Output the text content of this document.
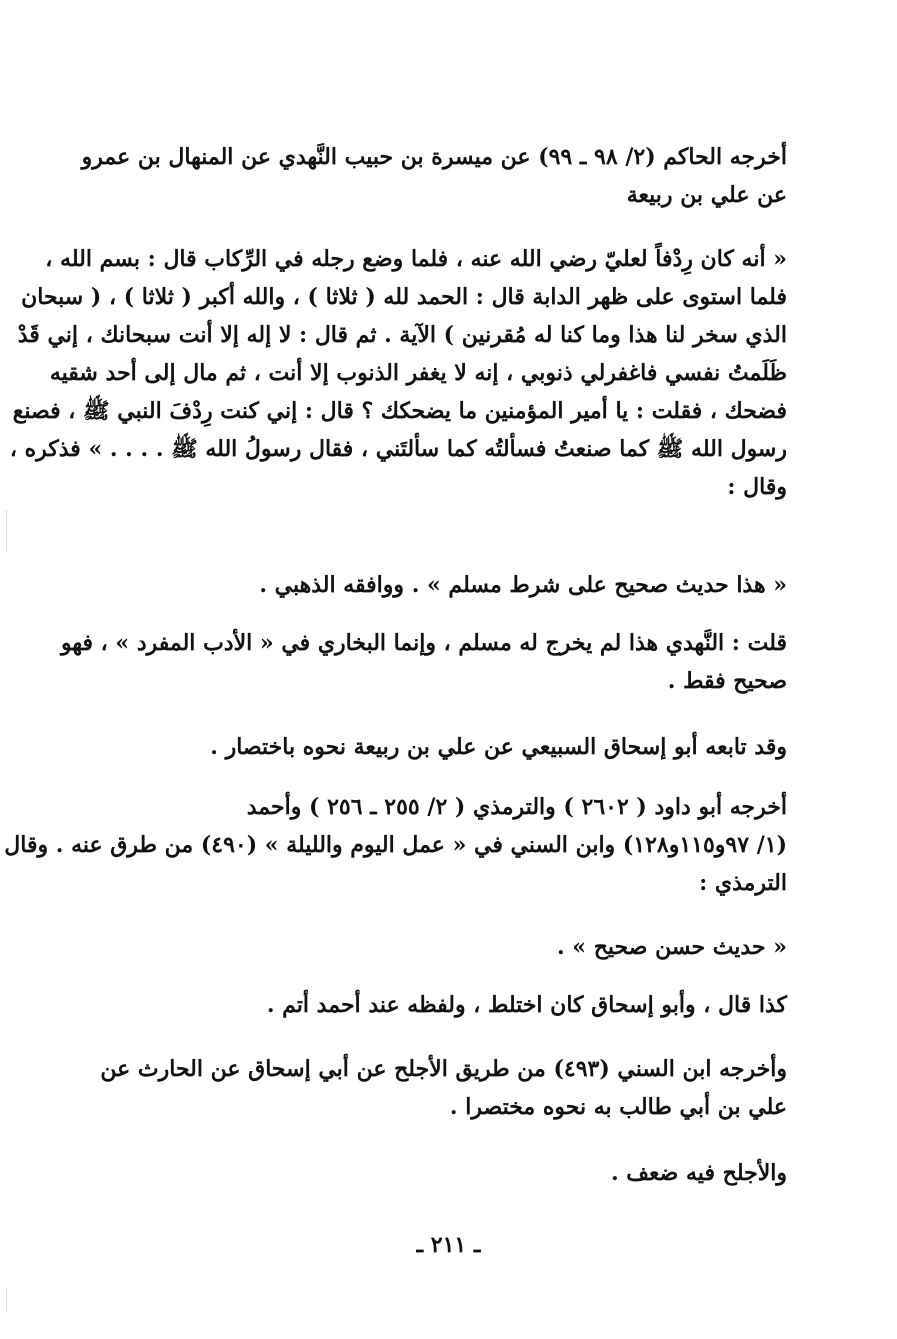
أخرجه الحاكم (٢/ ٩٨ ـ ٩٩) عن ميسرة بن حبيب النَّهدي عن المنهال بن عمرو
عن علي بن ربيعة
« أنه كان رِدْفاً لعليّ رضي الله عنه ، فلما وضع رجله في الرِّكاب قال : بسم الله ،
فلما استوى على ظهر الدابة قال : الحمد لله ( ثلاثا ) ، والله أكبر ( ثلاثا ) ، ( سبحان
الذي سخر لنا هذا وما كنا له مُقرنين ) الآية . ثم قال : لا إله إلا أنت سبحانك ، إني قَدْ
ظَلَمتُ نفسي فاغفرلي ذنوبي ، إنه لا يغفر الذنوب إلا أنت ، ثم مال إلى أحد شقيه
فضحك ، فقلت : يا أمير المؤمنين ما يضحكك ؟ قال : إني كنت رِدْفَ النبي ﷺ ، فصنع
رسول الله ﷺ كما صنعتُ فسألتُه كما سألتَني ، فقال رسولُ الله ﷺ . . . . » فذكره ،
وقال :
« هذا حديث صحيح على شرط مسلم » . ووافقه الذهبي .
قلت : النَّهدي هذا لم يخرج له مسلم ، وإنما البخاري في « الأدب المفرد » ، فهو
صحيح فقط .
وقد تابعه أبو إسحاق السبيعي عن علي بن ربيعة نحوه باختصار .
أخرجه أبو داود ( ٢٦٠٢ ) والترمذي ( ٢/ ٢٥٥ ـ ٢٥٦ ) وأحمد
(١/ ٩٧و١١٥و١٢٨) وابن السني في « عمل اليوم والليلة » (٤٩٠) من طرق عنه . وقال
الترمذي :
« حديث حسن صحيح » .
كذا قال ، وأبو إسحاق كان اختلط ، ولفظه عند أحمد أتم .
وأخرجه ابن السني (٤٩٣) من طريق الأجلح عن أبي إسحاق عن الحارث عن
علي بن أبي طالب به نحوه مختصرا .
والأجلح فيه ضعف .
ـ ٢١١ ـ
